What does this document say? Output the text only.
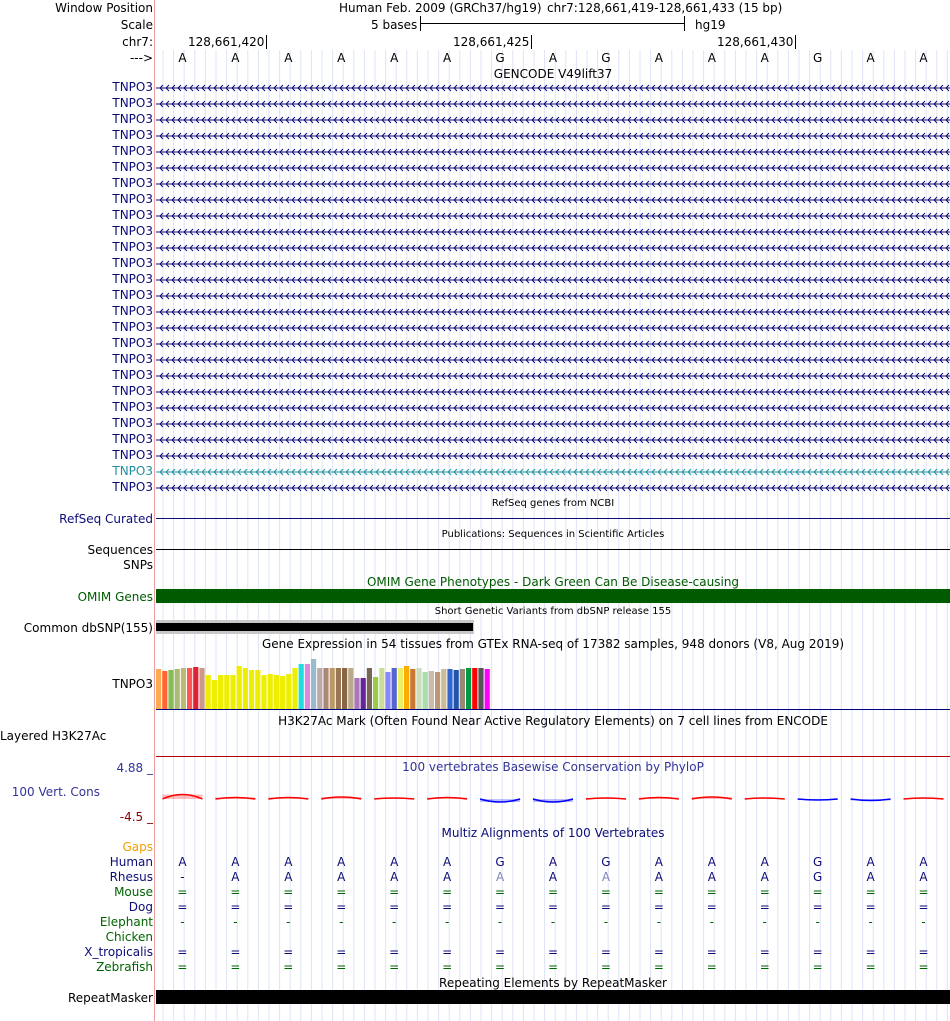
Window Position
Scale
chr7:
--->
Human Feb. 2009 (GRCh37/hg19) chr7:128,661,419-128,661,433 (15 bp)
5 bases	hg19
128,661,420	128,661,425	128,661,430
A	A	A	A	A	A	G	A	G	A	A	A	G	A	A
GENCODE V49lift37
TNPO3
TNPO3
TNPO3
TNPO3
TNPO3
TNPO3
TNPO3
TNPO3
TNPO3
TNPO3
TNPO3
TNPO3
TNPO3
TNPO3
TNPO3
TNPO3
TNPO3
TNPO3
TNPO3
TNPO3
TNPO3
TNPO3
TNPO3
TNPO3
TNPO3
TNPO3
RefSeq genes from NCBI
RefSeq Curated
Publications: Sequences in Scientific Articles
Sequences
SNPs
OMIM Gene Phenotypes - Dark Green Can Be Disease-causing
OMIM Genes
Short Genetic Variants from dbSNP release 155
Common dbSNP(155)
Gene Expression in 54 tissues from GTEx RNA-seq of 17382 samples, 948 donors (V8, Aug 2019)
TNPO3
H3K27Ac Mark (Often Found Near Active Regulatory Elements) on 7 cell lines from ENCODE
Layered H3K27Ac
100 vertebrates Basewise Conservation by PhyloP
4.88 _
100 Vert. Cons
-4.5 _
Multiz Alignments of 100 Vertebrates
Gaps
Human	A	A	A	A	A	A	G	A	G	A	A	A	G	A	A
Rhesus	-	A	A	A	A	A	A	A	A	A	A	A	G	A	A
Mouse	=	=	=	=	=	=	=	=	=	=	=	=	=	=	=
Dog	=	=	=	=	=	=	=	=	=	=	=	=	=	=	=
Elephant	-	-	-	-	-	-	-	-	-	-	-	-	-	-	-
Chicken
X_tropicalis	=	=	=	=	=	=	=	=	=	=	=	=	=	=	=
Zebrafish	=	=	=	=	=	=	=	=	=	=	=	=	=	=	=
Repeating Elements by RepeatMasker
RepeatMasker
